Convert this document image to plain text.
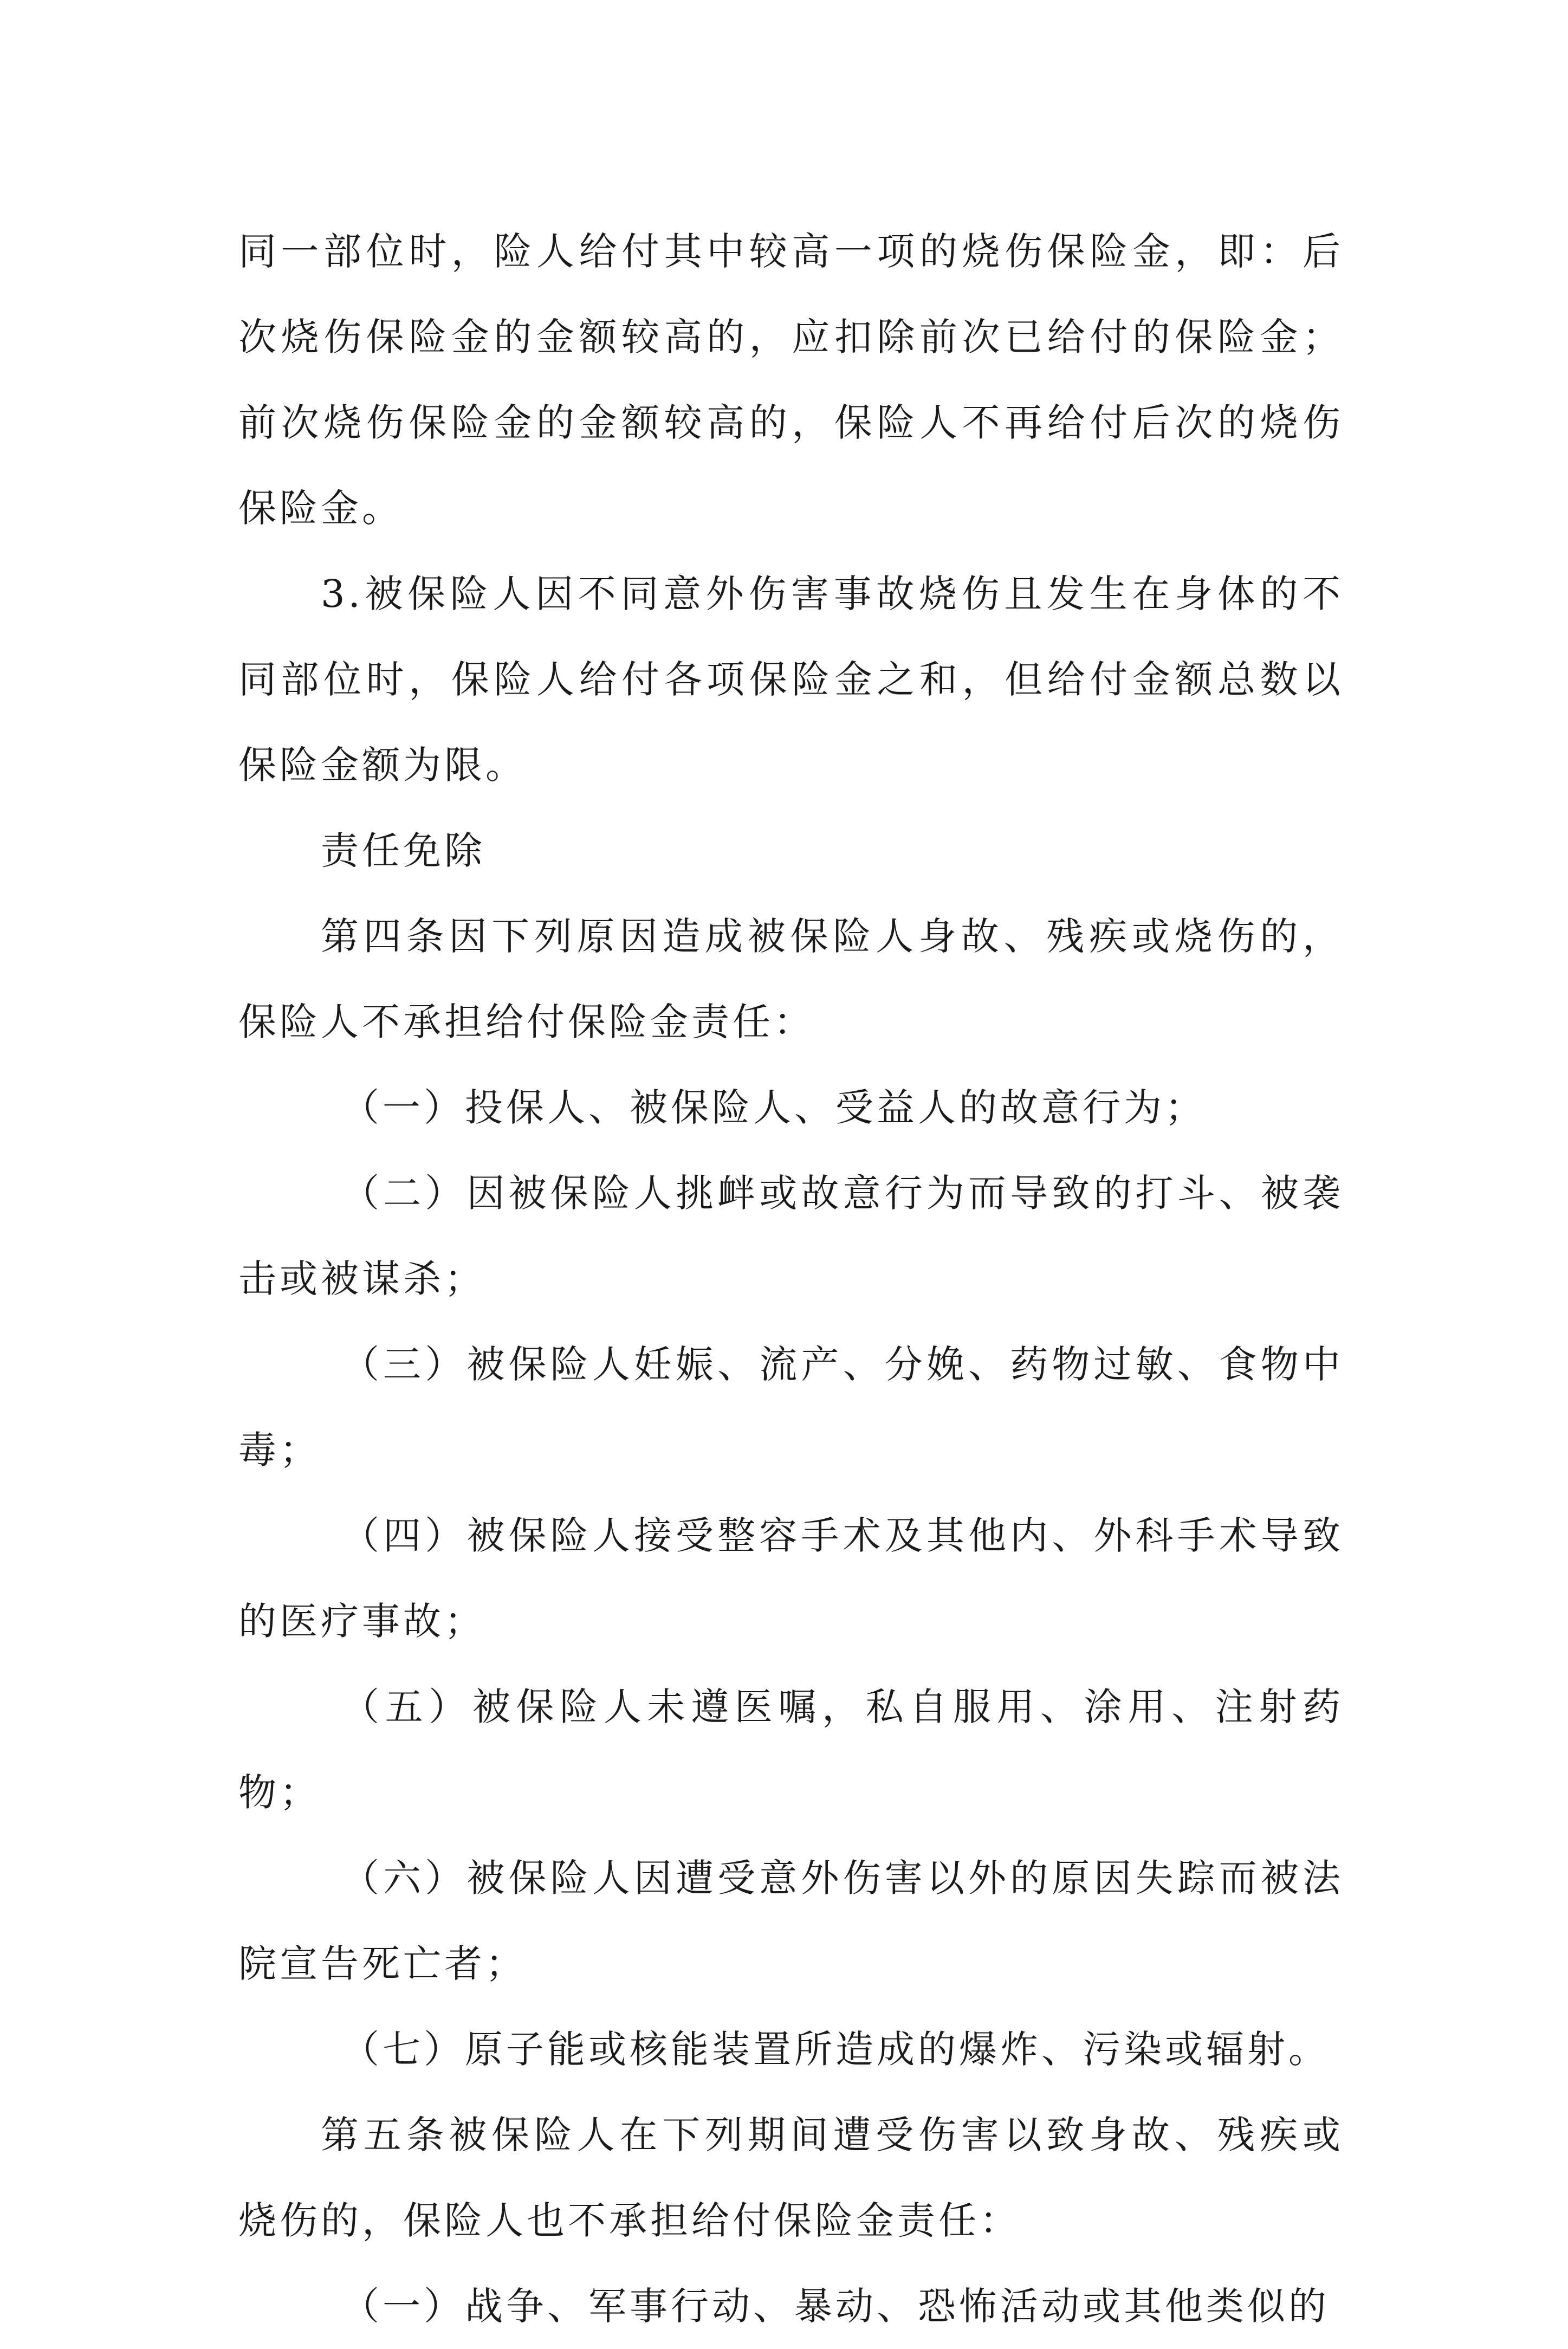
同一部位时，险人给付其中较高一项的烧伤保险金，即：后次烧伤保险金的金额较高的，应扣除前次已给付的保险金；前次烧伤保险金的金额较高的，保险人不再给付后次的烧伤保险金。

3.被保险人因不同意外伤害事故烧伤且发生在身体的不同部位时，保险人给付各项保险金之和，但给付金额总数以保险金额为限。

责任免除

第四条因下列原因造成被保险人身故、残疾或烧伤的，保险人不承担给付保险金责任：

（一）投保人、被保险人、受益人的故意行为；

（二）因被保险人挑衅或故意行为而导致的打斗、被袭击或被谋杀；

（三）被保险人妊娠、流产、分娩、药物过敏、食物中毒；

（四）被保险人接受整容手术及其他内、外科手术导致的医疗事故；

（五）被保险人未遵医嘱，私自服用、涂用、注射药物；

（六）被保险人因遭受意外伤害以外的原因失踪而被法院宣告死亡者；

（七）原子能或核能装置所造成的爆炸、污染或辐射。

第五条被保险人在下列期间遭受伤害以致身故、残疾或烧伤的，保险人也不承担给付保险金责任：

（一）战争、军事行动、暴动、恐怖活动或其他类似的
